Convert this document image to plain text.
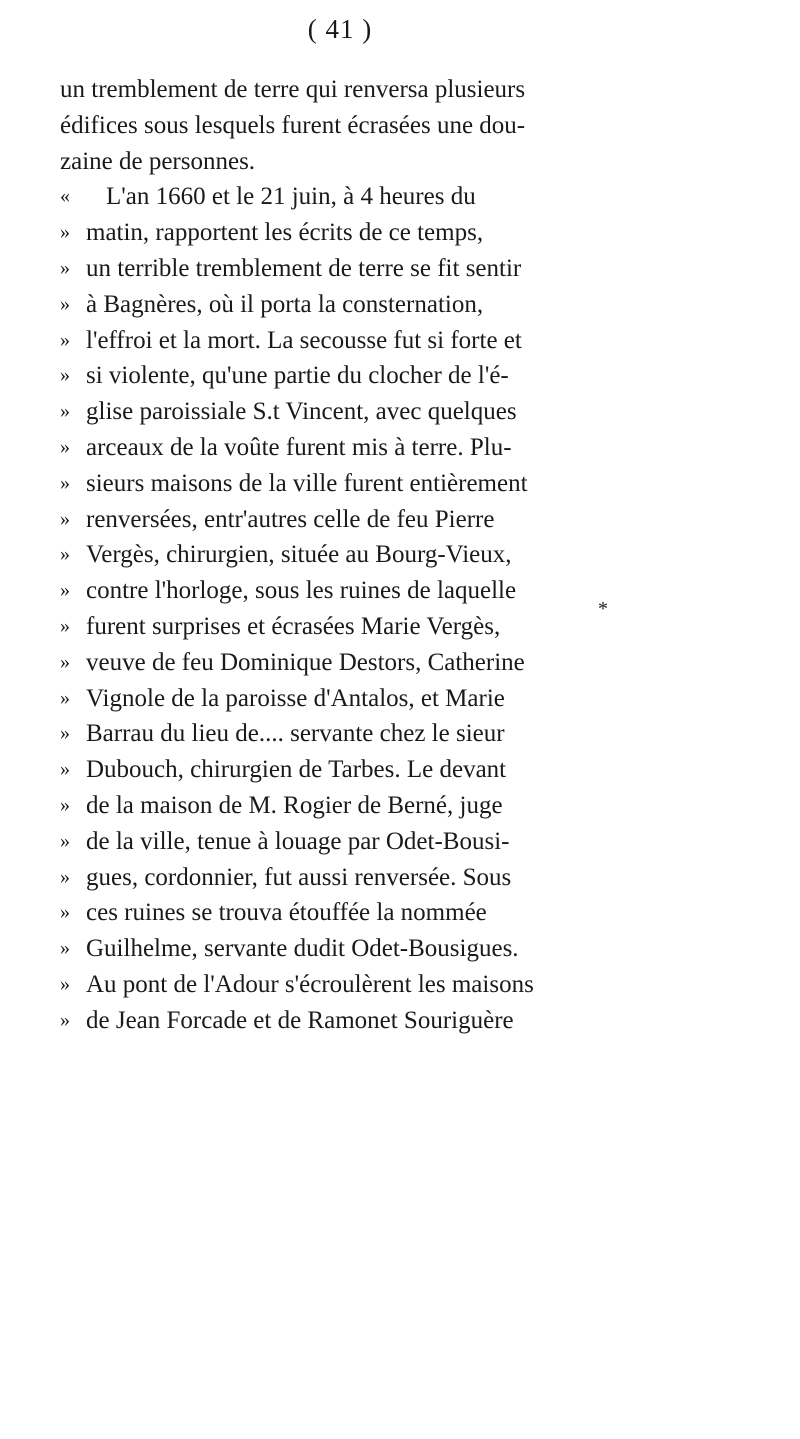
( 41 )
un tremblement de terre qui renversa plusieurs
édifices sous lesquels furent écrasées une dou-
zaine de personnes.
« L'an 1660 et le 21 juin, à 4 heures du
» matin, rapportent les écrits de ce temps,
» un terrible tremblement de terre se fit sentir
» à Bagnères, où il porta la consternation,
» l'effroi et la mort. La secousse fut si forte et
» si violente, qu'une partie du clocher de l'é-
» glise paroissiale S.t Vincent, avec quelques
» arceaux de la voûte furent mis à terre. Plu-
» sieurs maisons de la ville furent entièrement
» renversées, entr'autres celle de feu Pierre
» Vergès, chirurgien, située au Bourg-Vieux,
» contre l'horloge, sous les ruines de laquelle
» furent surprises et écrasées Marie Vergès,
» veuve de feu Dominique Destors, Catherine
» Vignole de la paroisse d'Antalos, et Marie
» Barrau du lieu de.... servante chez le sieur
» Dubouch, chirurgien de Tarbes. Le devant
» de la maison de M. Rogier de Berné, juge
» de la ville, tenue à louage par Odet-Bousi-
» gues, cordonnier, fut aussi renversée. Sous
» ces ruines se trouva étouffée la nommée
» Guilhelme, servante dudit Odet-Bousigues.
» Au pont de l'Adour s'écroulèrent les maisons
» de Jean Forcade et de Ramonet Souriguère
*
